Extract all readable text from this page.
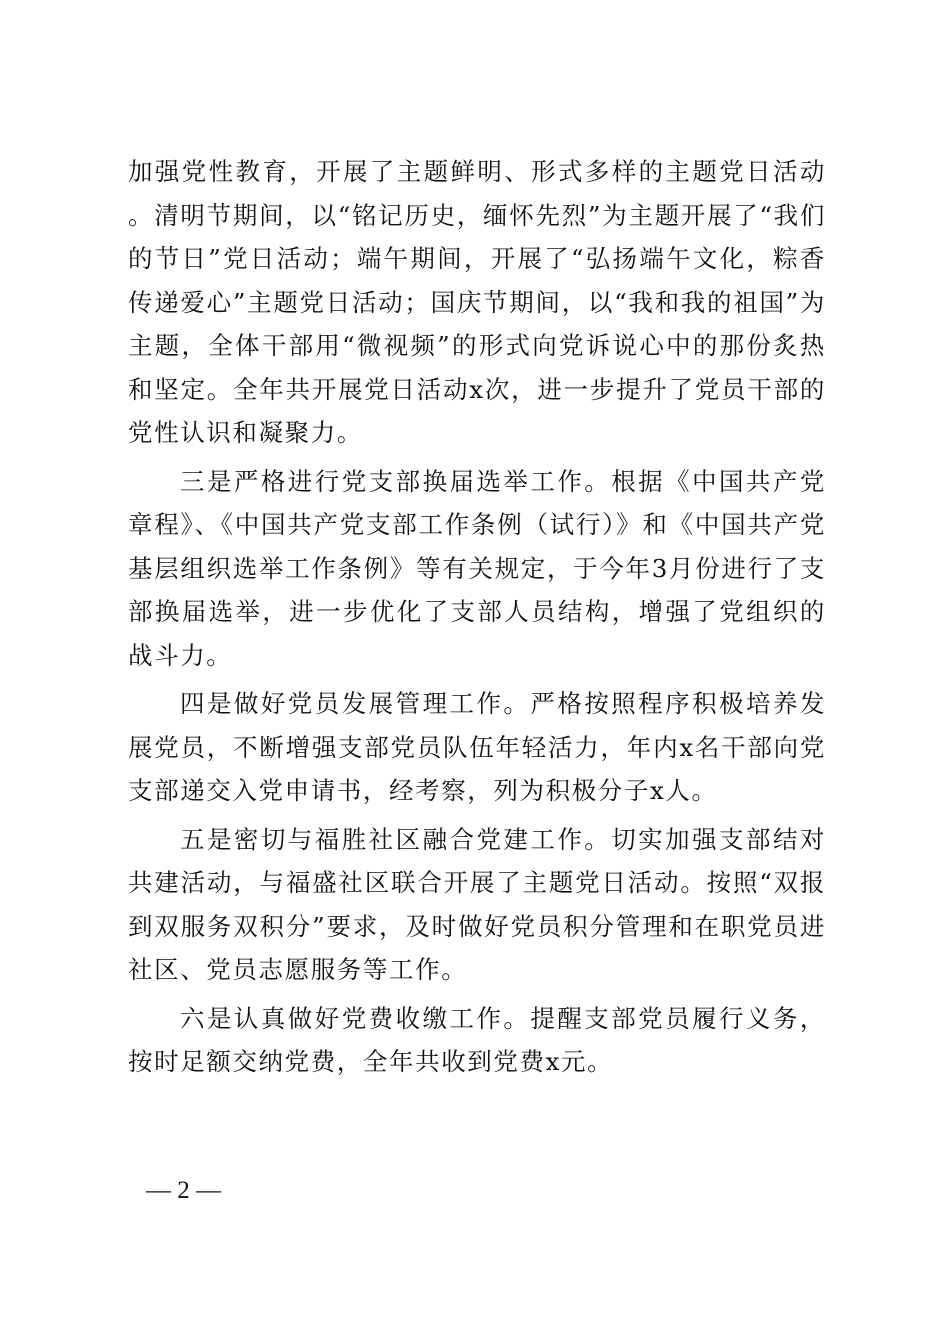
加强党性教育，开展了主题鲜明、形式多样的主题党日活动。清明节期间，以“铭记历史，缅怀先烈”为主题开展了“我们的节日”党日活动；端午期间，开展了“弘扬端午文化，粽香传递爱心”主题党日活动；国庆节期间，以“我和我的祖国”为主题，全体干部用“微视频”的形式向党诉说心中的那份炙热和坚定。全年共开展党日活动x次，进一步提升了党员干部的党性认识和凝聚力。

三是严格进行党支部换届选举工作。根据《中国共产党章程》、《中国共产党支部工作条例（试行）》和《中国共产党基层组织选举工作条例》等有关规定，于今年3月份进行了支部换届选举，进一步优化了支部人员结构，增强了党组织的战斗力。

四是做好党员发展管理工作。严格按照程序积极培养发展党员，不断增强支部党员队伍年轻活力，年内x名干部向党支部递交入党申请书，经考察，列为积极分子x人。

五是密切与福胜社区融合党建工作。切实加强支部结对共建活动，与福盛社区联合开展了主题党日活动。按照“双报到双服务双积分”要求，及时做好党员积分管理和在职党员进社区、党员志愿服务等工作。

六是认真做好党费收缴工作。提醒支部党员履行义务，按时足额交纳党费，全年共收到党费x元。

— 2 —
